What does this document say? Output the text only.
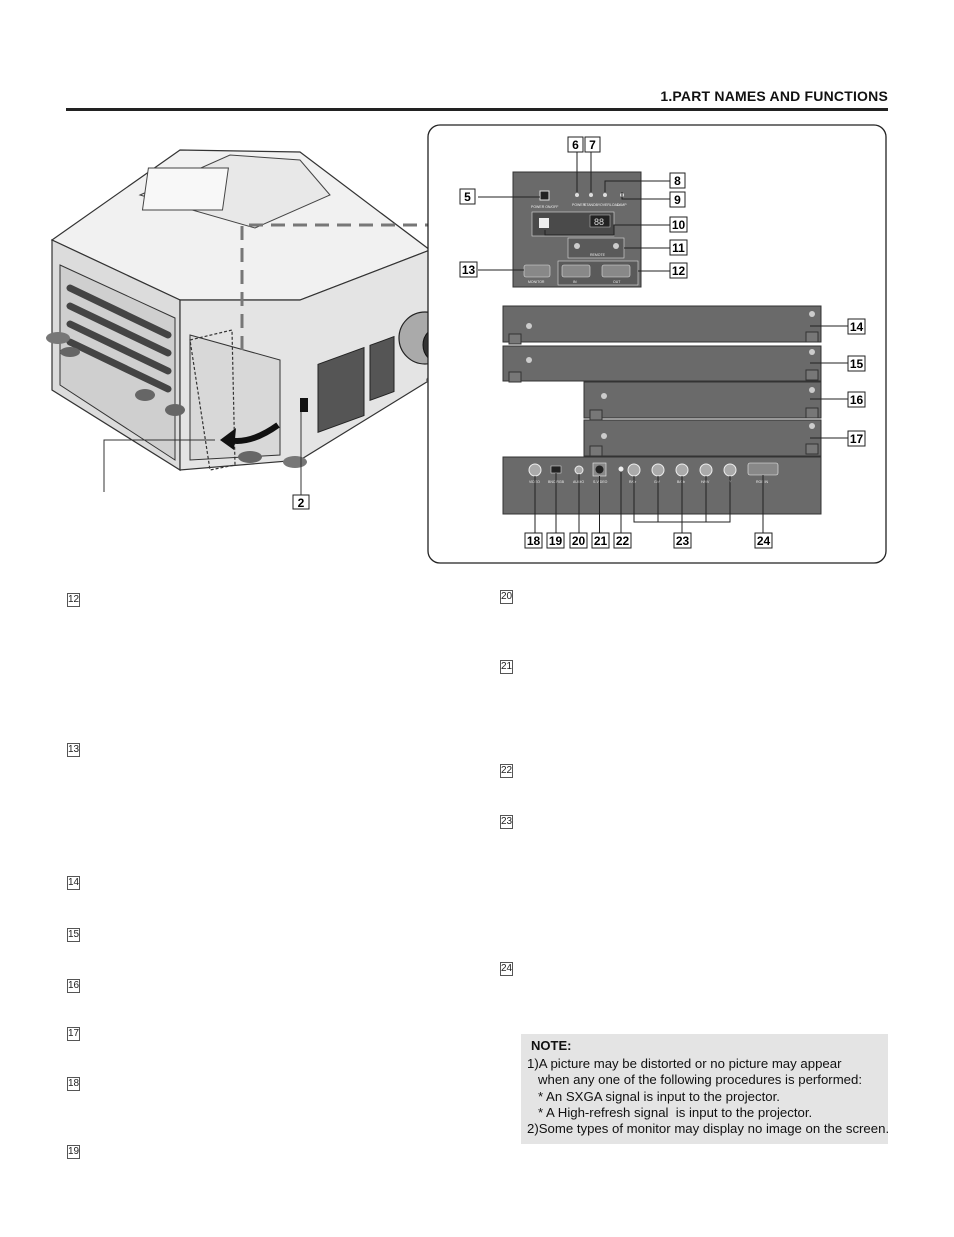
1.PART NAMES AND FUNCTIONS
2
POWER ON/OFF	POWER
STANDBY OVERLOAD
LAMP
88
REMOTE
MONITOR	IN	OUT
6 7
5
8
9
10
11
13	12
14
15
16
17
VIDEO BNC/RGB	AUDIO	S-VIDEO	R/Cr	G/Y	B/Cb	H/HV	V	RGB IN
18 19 20 21 22	23	24
12
13
14
15
16
17
18
19
20
21
22
23
24
NOTE:
1)A picture may be distorted or no picture may appear
when any one of the following procedures is performed:
* An SXGA signal is input to the projector.
* A High-refresh signal  is input to the projector.
2)Some types of monitor may display no image on the screen.
